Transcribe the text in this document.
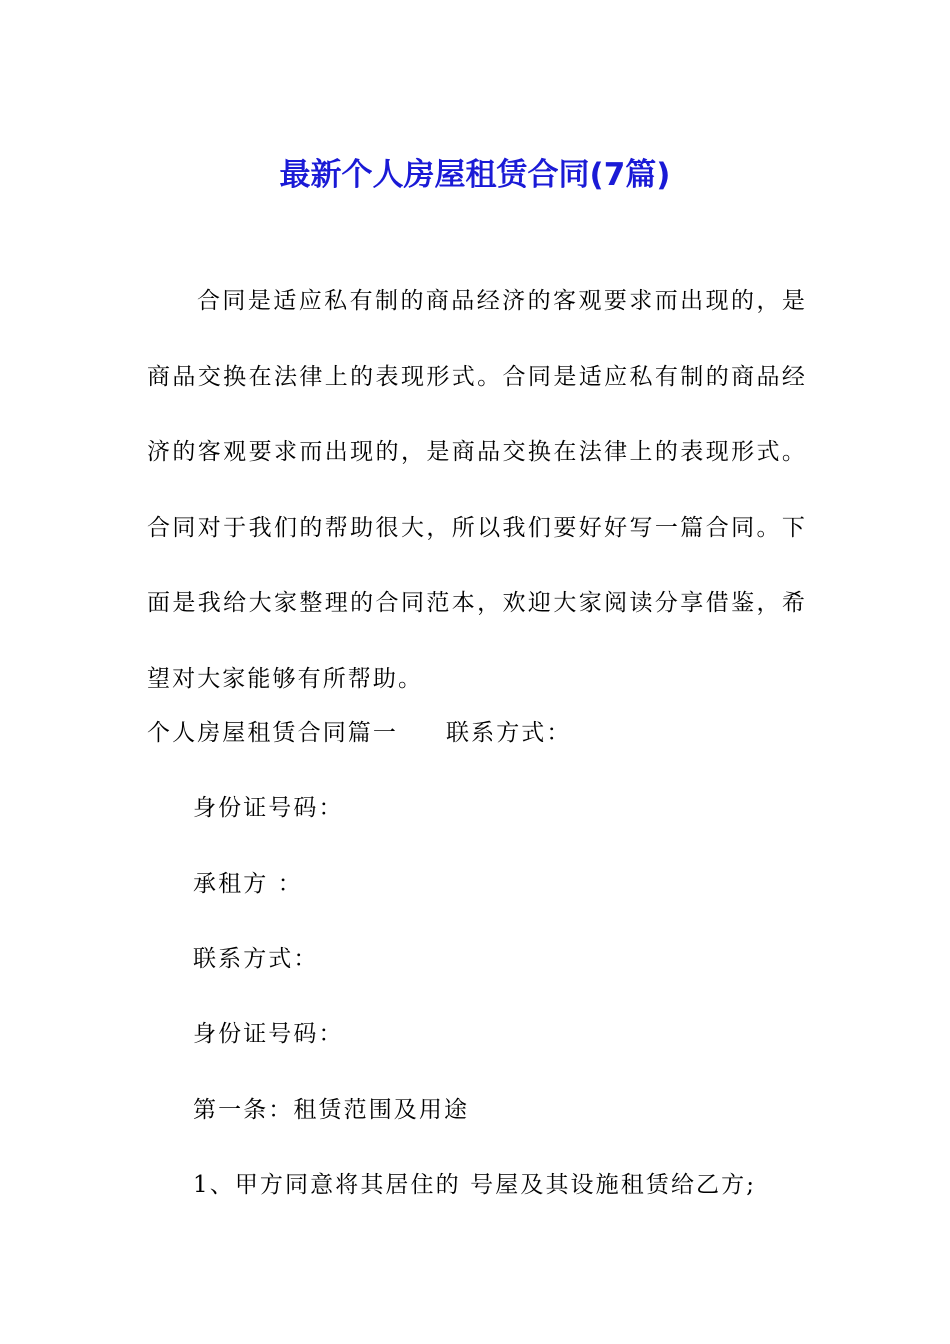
最新个人房屋租赁合同(7篇)

合同是适应私有制的商品经济的客观要求而出现的，是商品交换在法律上的表现形式。合同是适应私有制的商品经济的客观要求而出现的，是商品交换在法律上的表现形式。合同对于我们的帮助很大，所以我们要好好写一篇合同。下面是我给大家整理的合同范本，欢迎大家阅读分享借鉴，希望对大家能够有所帮助。

个人房屋租赁合同篇一 联系方式：

身份证号码：

承租方 ：

联系方式：

身份证号码：

第一条：租赁范围及用途

1、甲方同意将其居住的 号屋及其设施租赁给乙方;
